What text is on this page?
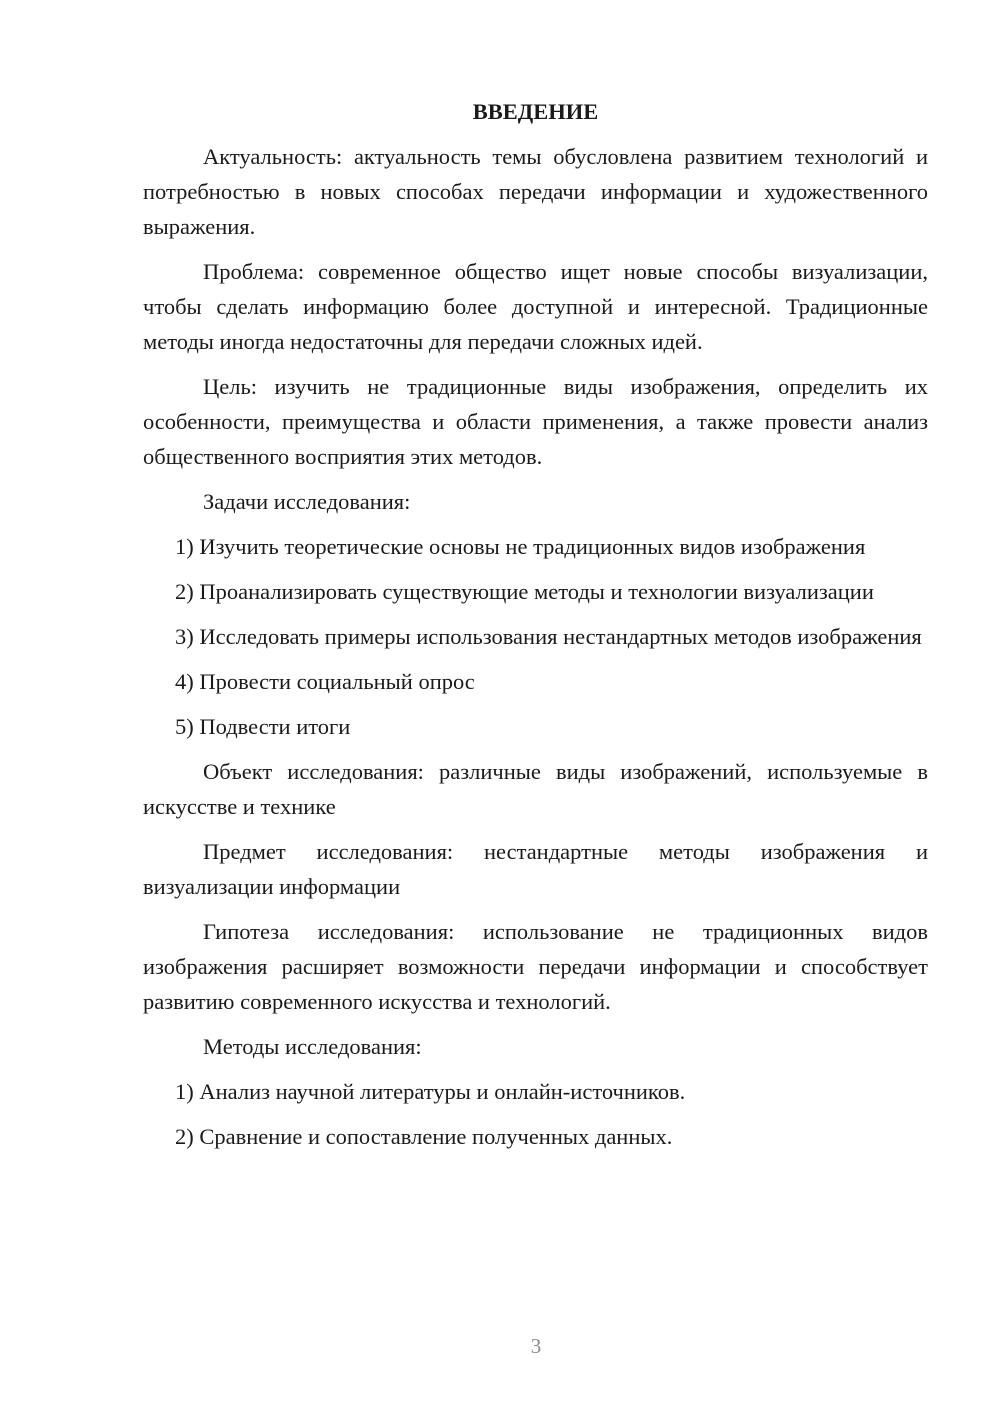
ВВЕДЕНИЕ

Актуальность: актуальность темы обусловлена развитием технологий и потребностью в новых способах передачи информации и художественного выражения.

Проблема: современное общество ищет новые способы визуализации, чтобы сделать информацию более доступной и интересной. Традиционные методы иногда недостаточны для передачи сложных идей.

Цель: изучить не традиционные виды изображения, определить их особенности, преимущества и области применения, а также провести анализ общественного восприятия этих методов.

Задачи исследования:

1) Изучить теоретические основы не традиционных видов изображения

2) Проанализировать существующие методы и технологии визуализации

3) Исследовать примеры использования нестандартных методов изображения

4) Провести социальный опрос

5) Подвести итоги

Объект исследования: различные виды изображений, используемые в искусстве и технике

Предмет исследования: нестандартные методы изображения и визуализации информации

Гипотеза исследования: использование не традиционных видов изображения расширяет возможности передачи информации и способствует развитию современного искусства и технологий.

Методы исследования:

1) Анализ научной литературы и онлайн-источников.

2) Сравнение и сопоставление полученных данных.

3
